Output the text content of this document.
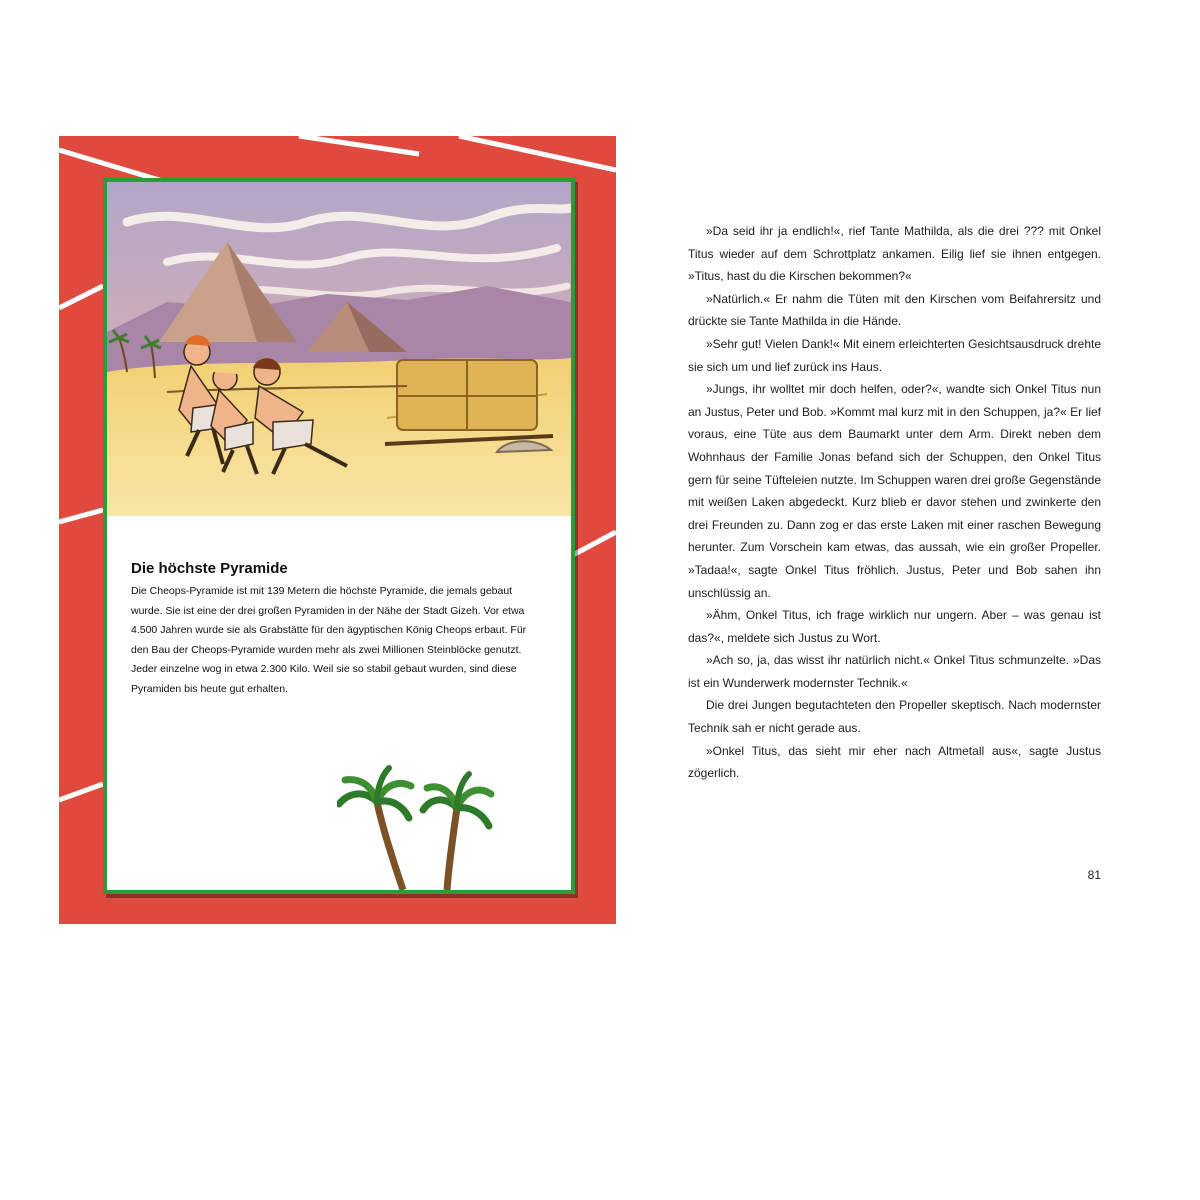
Die höchste Pyramide

Die Cheops-Pyramide ist mit 139 Metern die höchste Pyramide, die jemals gebaut wurde. Sie ist eine der drei großen Pyramiden in der Nähe der Stadt Gizeh. Vor etwa 4.500 Jahren wurde sie als Grabstätte für den ägyptischen König Cheops erbaut. Für den Bau der Cheops-Pyramide wurden mehr als zwei Millionen Steinblöcke genutzt. Jeder einzelne wog in etwa 2.300 Kilo. Weil sie so stabil gebaut wurden, sind diese Pyramiden bis heute gut erhalten.

»Da seid ihr ja endlich!«, rief Tante Mathilda, als die drei ??? mit Onkel Titus wieder auf dem Schrottplatz ankamen. Eilig lief sie ihnen entgegen. »Titus, hast du die Kirschen bekommen?«

»Natürlich.« Er nahm die Tüten mit den Kirschen vom Beifahrersitz und drückte sie Tante Mathilda in die Hände.

»Sehr gut! Vielen Dank!« Mit einem erleichterten Gesichtsausdruck drehte sie sich um und lief zurück ins Haus.

»Jungs, ihr wolltet mir doch helfen, oder?«, wandte sich Onkel Titus nun an Justus, Peter und Bob. »Kommt mal kurz mit in den Schuppen, ja?« Er lief voraus, eine Tüte aus dem Baumarkt unter dem Arm. Direkt neben dem Wohnhaus der Familie Jonas befand sich der Schuppen, den Onkel Titus gern für seine Tüfteleien nutzte. Im Schuppen waren drei große Gegenstände mit weißen Laken abgedeckt. Kurz blieb er davor stehen und zwinkerte den drei Freunden zu. Dann zog er das erste Laken mit einer raschen Bewegung herunter. Zum Vorschein kam etwas, das aussah, wie ein großer Propeller. »Tadaa!«, sagte Onkel Titus fröhlich. Justus, Peter und Bob sahen ihn unschlüssig an.

»Ähm, Onkel Titus, ich frage wirklich nur ungern. Aber – was genau ist das?«, meldete sich Justus zu Wort.

»Ach so, ja, das wisst ihr natürlich nicht.« Onkel Titus schmunzelte. »Das ist ein Wunderwerk modernster Technik.«

Die drei Jungen begutachteten den Propeller skeptisch. Nach modernster Technik sah er nicht gerade aus.

»Onkel Titus, das sieht mir eher nach Altmetall aus«, sagte Justus zögerlich.

81
